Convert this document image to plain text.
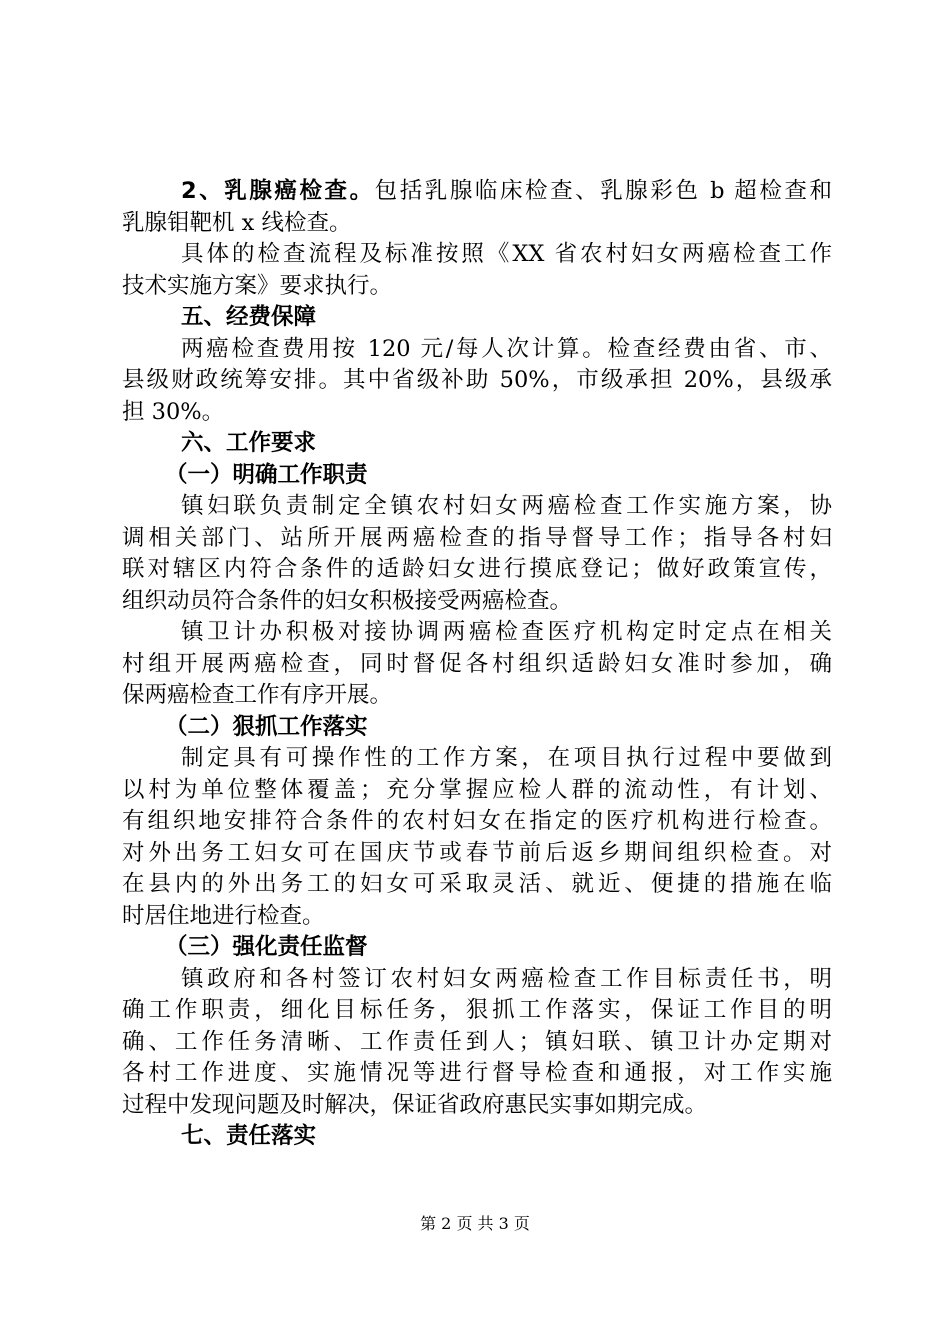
2、乳腺癌检查。包括乳腺临床检查、乳腺彩色 b 超检查和
乳腺钼靶机 x 线检查。
具体的检查流程及标准按照《XX 省农村妇女两癌检查工作
技术实施方案》要求执行。
五、经费保障
两癌检查费用按 120 元/每人次计算。检查经费由省、市、
县级财政统筹安排。其中省级补助 50%，市级承担 20%，县级承
担 30%。
六、工作要求
（一）明确工作职责
镇妇联负责制定全镇农村妇女两癌检查工作实施方案，协
调相关部门、站所开展两癌检查的指导督导工作；指导各村妇
联对辖区内符合条件的适龄妇女进行摸底登记；做好政策宣传，
组织动员符合条件的妇女积极接受两癌检查。
镇卫计办积极对接协调两癌检查医疗机构定时定点在相关
村组开展两癌检查，同时督促各村组织适龄妇女准时参加，确
保两癌检查工作有序开展。
（二）狠抓工作落实
制定具有可操作性的工作方案，在项目执行过程中要做到
以村为单位整体覆盖；充分掌握应检人群的流动性，有计划、
有组织地安排符合条件的农村妇女在指定的医疗机构进行检查。
对外出务工妇女可在国庆节或春节前后返乡期间组织检查。对
在县内的外出务工的妇女可采取灵活、就近、便捷的措施在临
时居住地进行检查。
（三）强化责任监督
镇政府和各村签订农村妇女两癌检查工作目标责任书，明
确工作职责，细化目标任务，狠抓工作落实，保证工作目的明
确、工作任务清晰、工作责任到人；镇妇联、镇卫计办定期对
各村工作进度、实施情况等进行督导检查和通报，对工作实施
过程中发现问题及时解决，保证省政府惠民实事如期完成。
七、责任落实
第 2 页 共 3 页
